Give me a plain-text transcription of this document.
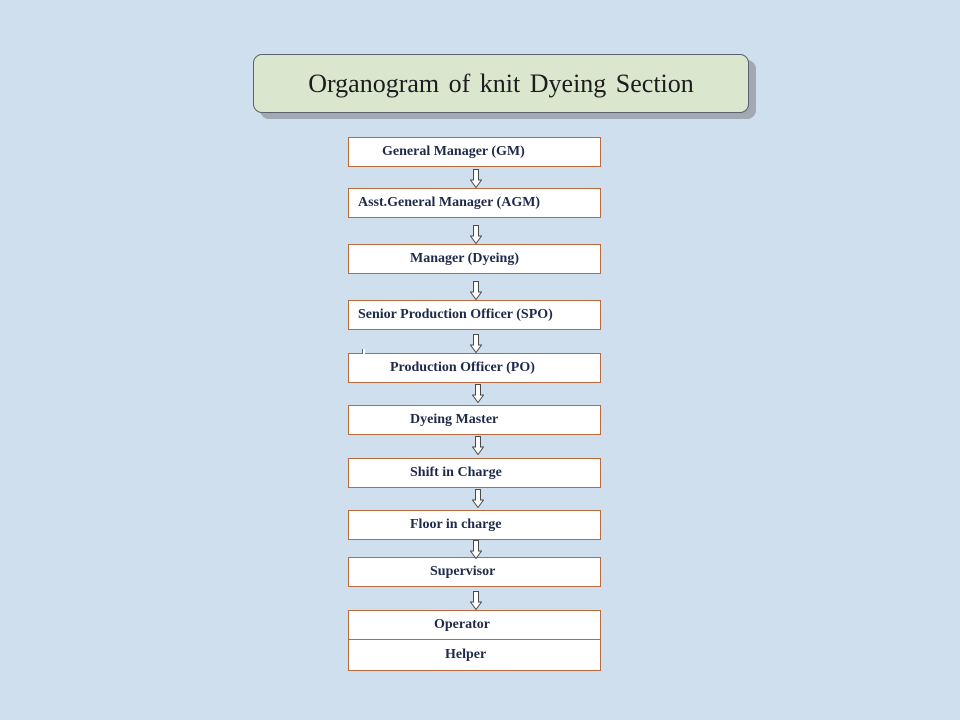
Organogram of knit Dyeing Section
General Manager (GM)
Asst.General Manager (AGM)
Manager (Dyeing)
Senior Production Officer (SPO)
Production Officer (PO)
Dyeing Master
Shift in Charge
Floor in charge
Supervisor
Operator
Helper
